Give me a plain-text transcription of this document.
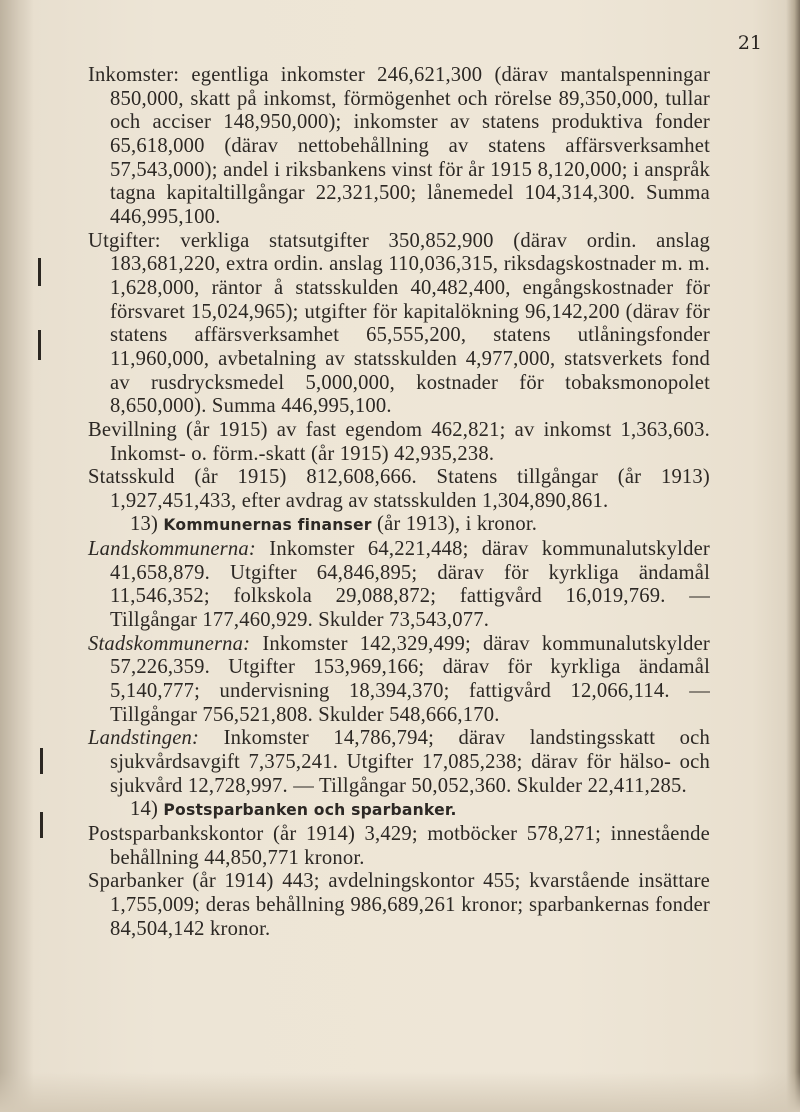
21

Inkomster: egentliga inkomster 246,621,300 (därav mantalspenningar 850,000, skatt på inkomst, förmögenhet och rörelse 89,350,000, tullar och acciser 148,950,000); inkomster av statens produktiva fonder 65,618,000 (därav nettobehållning av statens affärsverksamhet 57,543,000); andel i riksbankens vinst för år 1915 8,120,000; i anspråk tagna kapitaltillgångar 22,321,500; lånemedel 104,314,300. Summa 446,995,100.

Utgifter: verkliga statsutgifter 350,852,900 (därav ordin. anslag 183,681,220, extra ordin. anslag 110,036,315, riksdagskostnader m. m. 1,628,000, räntor å statsskulden 40,482,400, engångskostnader för försvaret 15,024,965); utgifter för kapitalökning 96,142,200 (därav för statens affärsverksamhet 65,555,200, statens utlåningsfonder 11,960,000, avbetalning av statsskulden 4,977,000, statsverkets fond av rusdrycksmedel 5,000,000, kostnader för tobaksmonopolet 8,650,000). Summa 446,995,100.

Bevillning (år 1915) av fast egendom 462,821; av inkomst 1,363,603. Inkomst- o. förm.-skatt (år 1915) 42,935,238.

Statsskuld (år 1915) 812,608,666. Statens tillgångar (år 1913) 1,927,451,433, efter avdrag av statsskulden 1,304,890,861.

13) Kommunernas finanser (år 1913), i kronor.

Landskommunerna: Inkomster 64,221,448; därav kommunalutskylder 41,658,879. Utgifter 64,846,895; därav för kyrkliga ändamål 11,546,352; folkskola 29,088,872; fattigvård 16,019,769. — Tillgångar 177,460,929. Skulder 73,543,077.

Stadskommunerna: Inkomster 142,329,499; därav kommunalutskylder 57,226,359. Utgifter 153,969,166; därav för kyrkliga ändamål 5,140,777; undervisning 18,394,370; fattigvård 12,066,114. — Tillgångar 756,521,808. Skulder 548,666,170.

Landstingen: Inkomster 14,786,794; därav landstingsskatt och sjukvårdsavgift 7,375,241. Utgifter 17,085,238; därav för hälso- och sjukvård 12,728,997. — Tillgångar 50,052,360. Skulder 22,411,285.

14) Postsparbanken och sparbanker.

Postsparbankskontor (år 1914) 3,429; motböcker 578,271; innestående behållning 44,850,771 kronor.

Sparbanker (år 1914) 443; avdelningskontor 455; kvarstående insättare 1,755,009; deras behållning 986,689,261 kronor; sparbankernas fonder 84,504,142 kronor.
